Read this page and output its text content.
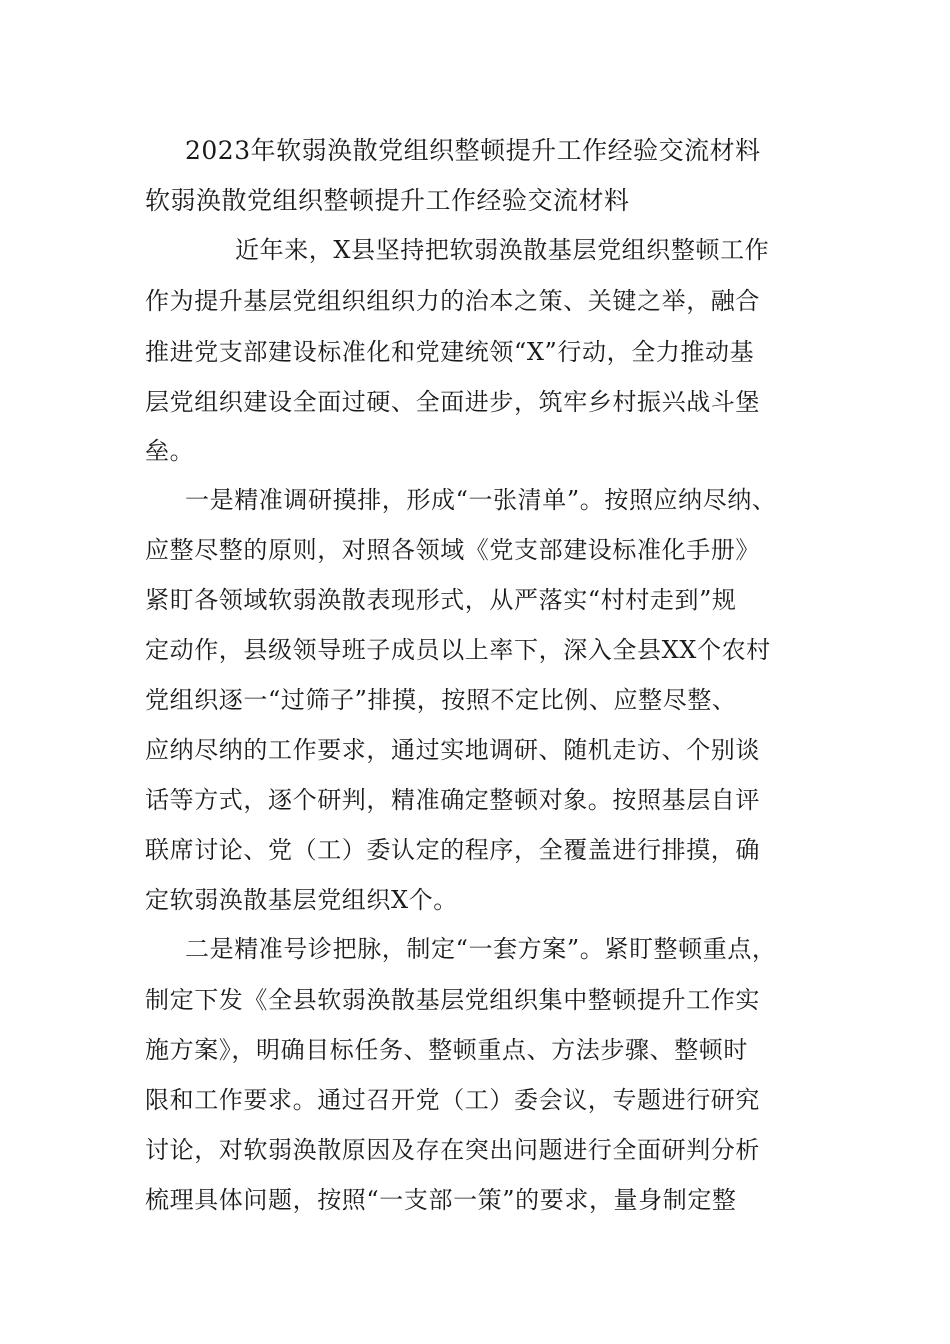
2023年软弱涣散党组织整顿提升工作经验交流材料
软弱涣散党组织整顿提升工作经验交流材料
近年来，X县坚持把软弱涣散基层党组织整顿工作
作为提升基层党组织组织力的治本之策、关键之举，融合
推进党支部建设标准化和党建统领“X”行动，全力推动基
层党组织建设全面过硬、全面进步，筑牢乡村振兴战斗堡
垒。
一是精准调研摸排，形成“一张清单”。按照应纳尽纳、
应整尽整的原则，对照各领域《党支部建设标准化手册》
紧盯各领域软弱涣散表现形式，从严落实“村村走到”规
定动作，县级领导班子成员以上率下，深入全县XX个农村
党组织逐一“过筛子”排摸，按照不定比例、应整尽整、
应纳尽纳的工作要求，通过实地调研、随机走访、个别谈
话等方式，逐个研判，精准确定整顿对象。按照基层自评
联席讨论、党（工）委认定的程序，全覆盖进行排摸，确
定软弱涣散基层党组织X个。
二是精准号诊把脉，制定“一套方案”。紧盯整顿重点，
制定下发《全县软弱涣散基层党组织集中整顿提升工作实
施方案》，明确目标任务、整顿重点、方法步骤、整顿时
限和工作要求。通过召开党（工）委会议，专题进行研究
讨论，对软弱涣散原因及存在突出问题进行全面研判分析
梳理具体问题，按照“一支部一策”的要求，量身制定整
